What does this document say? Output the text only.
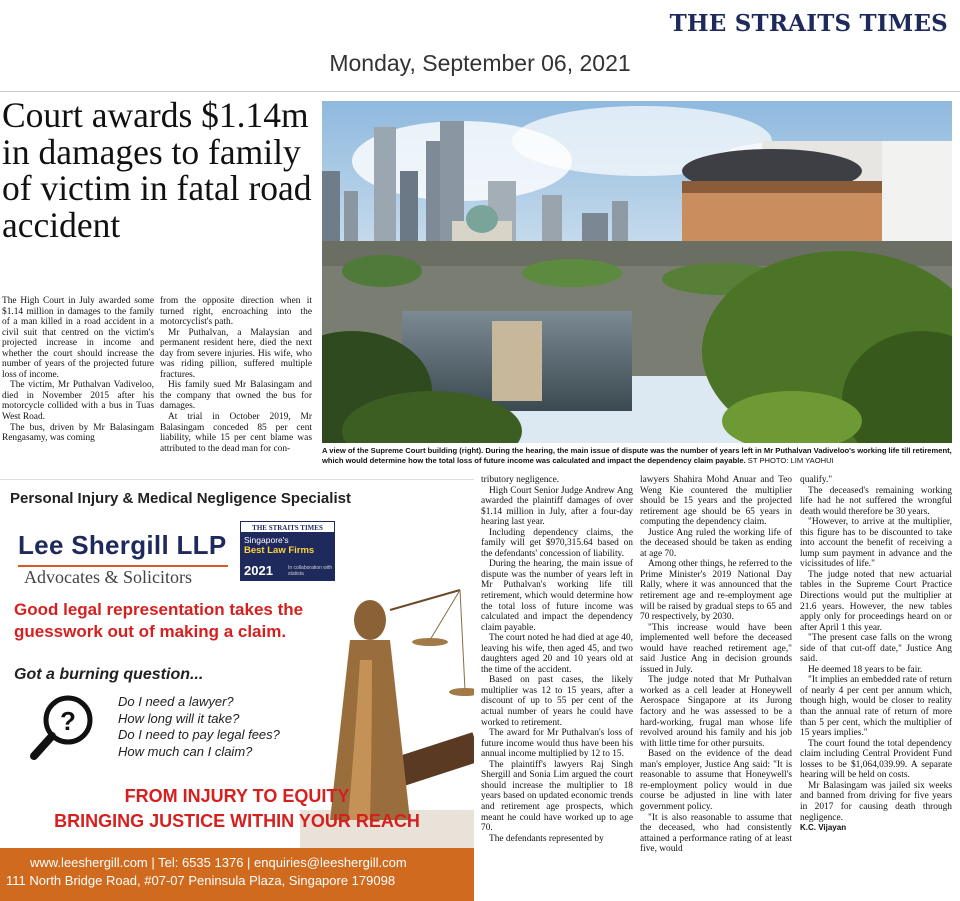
THE STRAITS TIMES
Monday, September 06, 2021
Court awards $1.14m in damages to family of victim in fatal road accident
A view of the Supreme Court building (right). During the hearing, the main issue of dispute was the number of years left in Mr Puthalvan Vadiveloo's working life till retirement, which would determine how the total loss of future income was calculated and impact the dependency claim payable. ST PHOTO: LIM YAOHUI

The High Court in July awarded some $1.14 million in damages to the family of a man killed in a road accident in a civil suit that centred on the victim's projected increase in income and whether the court should increase the number of years of the projected future loss of income.

The victim, Mr Puthalvan Vadiveloo, died in November 2015 after his motorcycle collided with a bus in Tuas West Road.

The bus, driven by Mr Balasingam Rengasamy, was coming

from the opposite direction when it turned right, encroaching into the motorcyclist's path.

Mr Puthalvan, a Malaysian and permanent resident here, died the next day from severe injuries. His wife, who was riding pillion, suffered multiple fractures.

His family sued Mr Balasingam and the company that owned the bus for damages.

At trial in October 2019, Mr Balasingam conceded 85 per cent liability, while 15 per cent blame was attributed to the dead man for con-

tributory negligence.

High Court Senior Judge Andrew Ang awarded the plaintiff damages of over $1.14 million in July, after a four-day hearing last year.

Including dependency claims, the family will get $970,315.64 based on the defendants' concession of liability.

During the hearing, the main issue of dispute was the number of years left in Mr Puthalvan's working life till retirement, which would determine how the total loss of future income was calculated and impact the dependency claim payable.

The court noted he had died at age 40, leaving his wife, then aged 45, and two daughters aged 20 and 10 years old at the time of the accident.

Based on past cases, the likely multiplier was 12 to 15 years, after a discount of up to 55 per cent of the actual number of years he could have worked to retirement.

The award for Mr Puthalvan's loss of future income would thus have been his annual income multiplied by 12 to 15.

The plaintiff's lawyers Raj Singh Shergill and Sonia Lim argued the court should increase the multiplier to 18 years based on updated economic trends and retirement age prospects, which meant he could have worked up to age 70.

The defendants represented by

lawyers Shahira Mohd Anuar and Teo Weng Kie countered the multiplier should be 15 years and the projected retirement age should be 65 years in computing the dependency claim.

Justice Ang ruled the working life of the deceased should be taken as ending at age 70.

Among other things, he referred to the Prime Minister's 2019 National Day Rally, where it was announced that the retirement age and re-employment age will be raised by gradual steps to 65 and 70 respectively, by 2030.

"This increase would have been implemented well before the deceased would have reached retirement age," said Justice Ang in decision grounds issued in July.

The judge noted that Mr Puthalvan worked as a cell leader at Honeywell Aerospace Singapore at its Jurong factory and he was assessed to be a hard-working, frugal man whose life revolved around his family and his job with little time for other pursuits.

Based on the evidence of the dead man's employer, Justice Ang said: "It is reasonable to assume that Honeywell's re-employment policy would in due course be adjusted in line with later government policy.

"It is also reasonable to assume that the deceased, who had consistently attained a performance rating of at least five, would

qualify."

The deceased's remaining working life had he not suffered the wrongful death would therefore be 30 years.

"However, to arrive at the multiplier, this figure has to be discounted to take into account the benefit of receiving a lump sum payment in advance and the vicissitudes of life."

The judge noted that new actuarial tables in the Supreme Court Practice Directions would put the multiplier at 21.6 years. However, the new tables apply only for proceedings heard on or after April 1 this year.

"The present case falls on the wrong side of that cut-off date," Justice Ang said.

He deemed 18 years to be fair.

"It implies an embedded rate of return of nearly 4 per cent per annum which, though high, would be closer to reality than the annual rate of return of more than 5 per cent, which the multiplier of 15 years implies."

The court found the total dependency claim including Central Provident Fund losses to be $1,064,039.99. A separate hearing will be held on costs.

Mr Balasingam was jailed six weeks and banned from driving for five years in 2017 for causing death through negligence.

K.C. Vijayan

Personal Injury & Medical Negligence Specialist
Lee Shergill LLP
Advocates & Solicitors
THE STRAITS TIMES
Singapore's
Best Law Firms
2021	In collaboration with statista
Good legal representation takes the guesswork out of making a claim.
Got a burning question...
?
Do I need a lawyer?
How long will it take?
Do I need to pay legal fees?
How much can I claim?
FROM INJURY TO EQUITY
BRINGING JUSTICE WITHIN YOUR REACH
www.leeshergill.com | Tel: 6535 1376 | enquiries@leeshergill.com
111 North Bridge Road, #07-07 Peninsula Plaza, Singapore 179098
